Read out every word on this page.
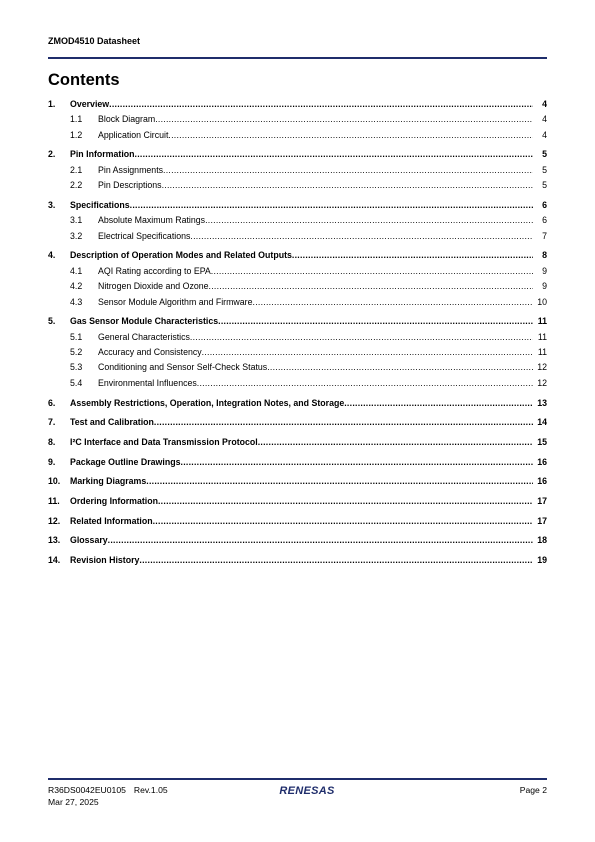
ZMOD4510 Datasheet
Contents
1. Overview .....	4
1.1 Block Diagram .....	4
1.2 Application Circuit .....	4
2. Pin Information .....	5
2.1 Pin Assignments .....	5
2.2 Pin Descriptions .....	5
3. Specifications .....	6
3.1 Absolute Maximum Ratings .....	6
3.2 Electrical Specifications .....	7
4. Description of Operation Modes and Related Outputs .....	8
4.1 AQI Rating according to EPA .....	9
4.2 Nitrogen Dioxide and Ozone .....	9
4.3 Sensor Module Algorithm and Firmware .....	10
5. Gas Sensor Module Characteristics .....	11
5.1 General Characteristics .....	11
5.2 Accuracy and Consistency .....	11
5.3 Conditioning and Sensor Self-Check Status .....	12
5.4 Environmental Influences .....	12
6. Assembly Restrictions, Operation, Integration Notes, and Storage .....	13
7. Test and Calibration .....	14
8. I²C Interface and Data Transmission Protocol .....	15
9. Package Outline Drawings .....	16
10. Marking Diagrams .....	16
11. Ordering Information .....	17
12. Related Information .....	17
13. Glossary .....	18
14. Revision History .....	19
R36DS0042EU0105 Rev.1.05
Mar 27, 2025
RENESAS	Page 2
